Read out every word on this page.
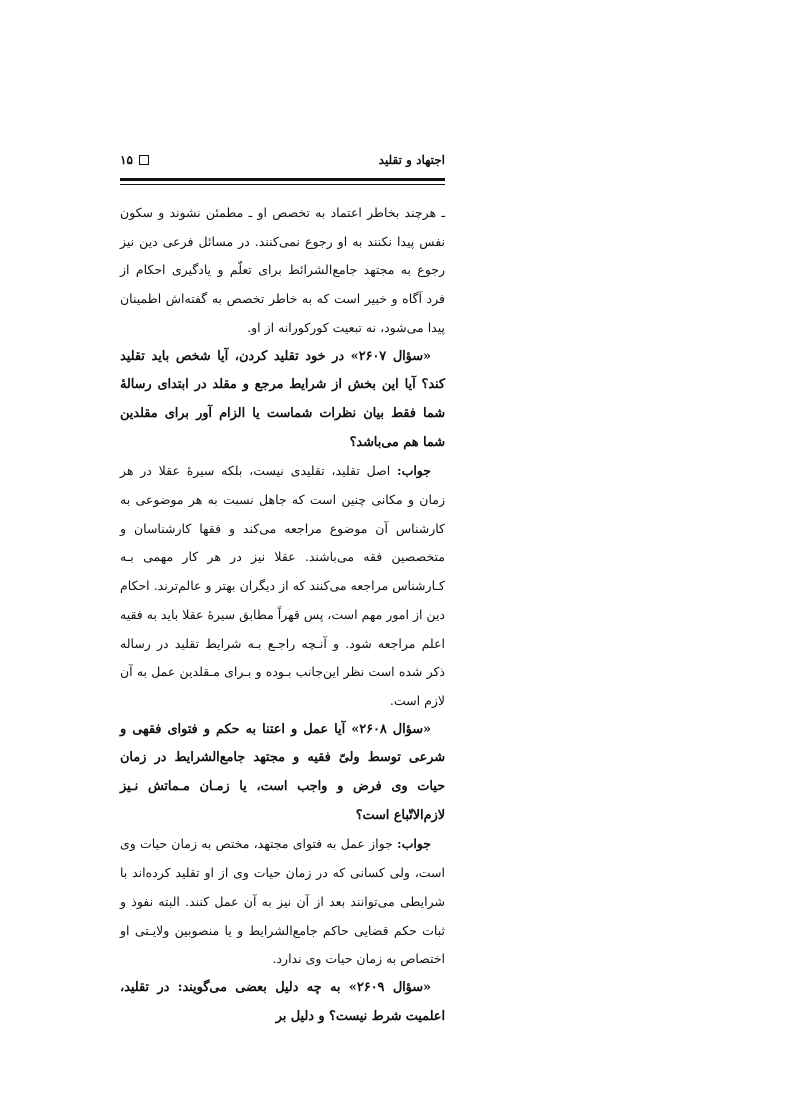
اجتهاد و تقلید
۱۵

ـ هرچند بخاطر اعتماد به تخصص او ـ مطمئن نشوند و سکون نفس پیدا نکنند به او رجوع نمی‌کنند. در مسائل فرعی دین نیز رجوع به مجتهد جامع‌الشرائط برای تعلّم و یادگیری احکام از فرد آگاه و خبیر است که به خاطر تخصص به گفته‌اش اطمینان پیدا می‌شود، نه تبعیت کورکورانه از او.

«سؤال ۲۶۰۷» در خود تقلید کردن، آیا شخص باید تقلید کند؟ آیا این بخش از شرایط مرجع و مقلد در ابتدای رسالهٔ شما فقط بیان نظرات شماست یا الزام آور برای مقلدین شما هم می‌باشد؟

جواب: اصل تقلید، تقلیدی نیست، بلکه سیرهٔ عقلا در هر زمان و مکانی چنین است که جاهل نسبت به هر موضوعی به کارشناس آن موضوع مراجعه می‌کند و فقها کارشناسان و متخصصین فقه می‌باشند. عقلا نیز در هر کار مهمی بـه کـارشناس مراجعه می‌کنند که از دیگران بهتر و عالم‌ترند. احکام دین از امور مهم است، پس قهراً مطابق سیرهٔ عقلا باید به فقیه اعلم مراجعه شود. و آنـچه راجـع بـه شرایط تقلید در رساله ذکر شده است نظر این‌جانب بـوده و بـرای مـقلدین عمل به آن لازم است.

«سؤال ۲۶۰۸» آیا عمل و اعتنا به حکم و فتوای فقهی و شرعی توسط ولیّ فقیه و مجتهد جامع‌الشرایط در زمان حیات وی فرض و واجب است، یا زمـان مـماتش نـیز لازم‌الاتّباع است؟

جواب: جواز عمل به فتوای مجتهد، مختص به زمان حیات وی است، ولی کسانی که در زمان حیات وی از او تقلید کرده‌اند با شرایطی می‌توانند بعد از آن نیز به آن عمل کنند. البته نفوذ و ثبات حکم قضایی حاکم جامع‌الشرایط و یا منصوبین ولایـتی او اختصاص به زمان حیات وی ندارد.

«سؤال ۲۶۰۹» به چه دلیل بعضی می‌گویند: در تقلید، اعلمیت شرط نیست؟ و دلیل بر
